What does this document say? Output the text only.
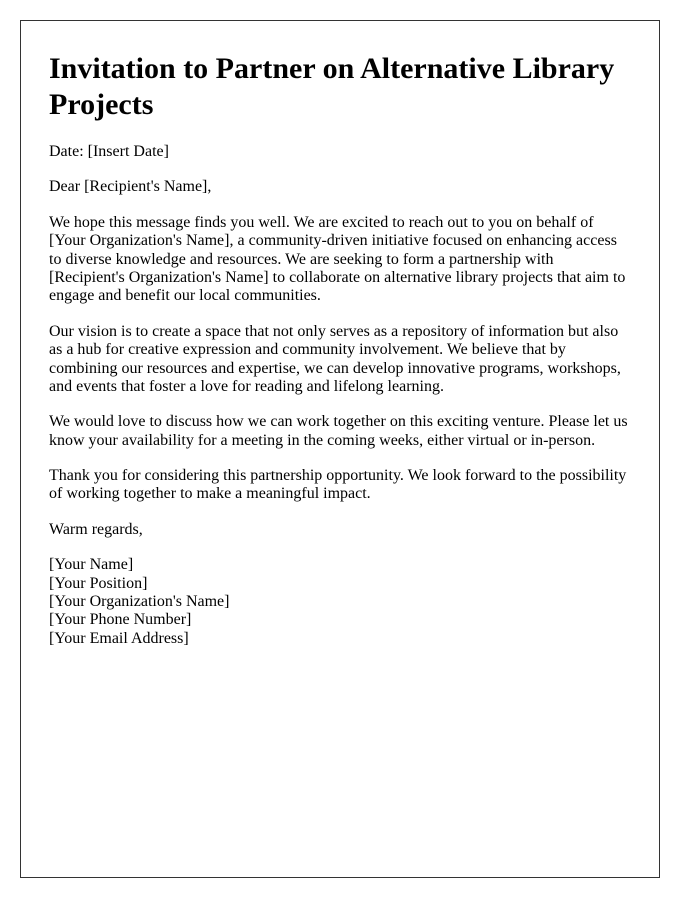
Invitation to Partner on Alternative Library Projects

Date: [Insert Date]

Dear [Recipient's Name],

We hope this message finds you well. We are excited to reach out to you on behalf of [Your Organization's Name], a community-driven initiative focused on enhancing access to diverse knowledge and resources. We are seeking to form a partnership with [Recipient's Organization's Name] to collaborate on alternative library projects that aim to engage and benefit our local communities.

Our vision is to create a space that not only serves as a repository of information but also as a hub for creative expression and community involvement. We believe that by combining our resources and expertise, we can develop innovative programs, workshops, and events that foster a love for reading and lifelong learning.

We would love to discuss how we can work together on this exciting venture. Please let us know your availability for a meeting in the coming weeks, either virtual or in-person.

Thank you for considering this partnership opportunity. We look forward to the possibility of working together to make a meaningful impact.

Warm regards,

[Your Name]
[Your Position]
[Your Organization's Name]
[Your Phone Number]
[Your Email Address]
